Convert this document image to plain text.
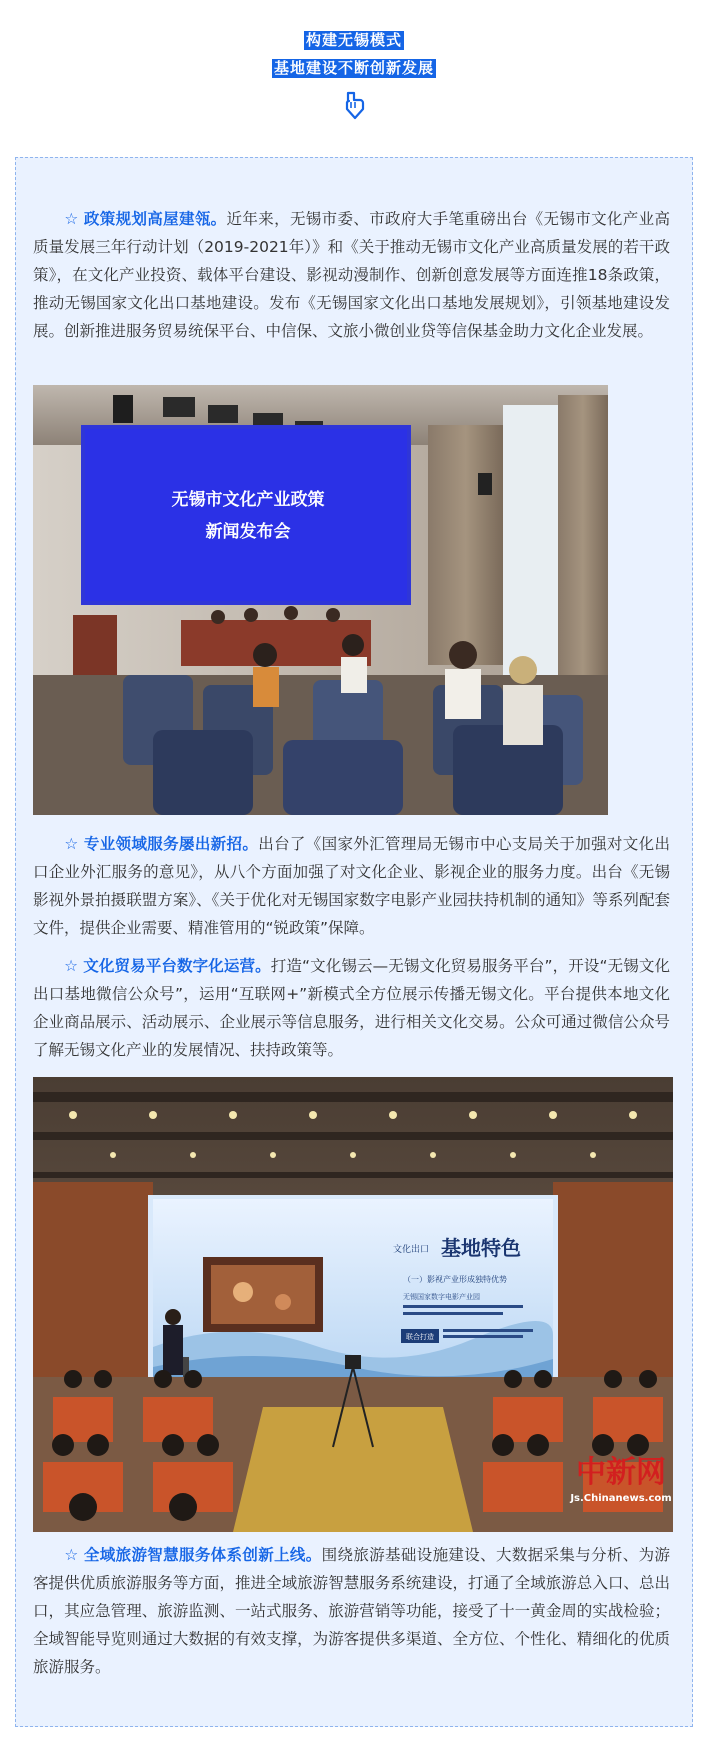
构建无锡模式
基地建设不断创新发展

☆ 政策规划高屋建瓴。近年来，无锡市委、市政府大手笔重磅出台《无锡市文化产业高质量发展三年行动计划（2019-2021年）》和《关于推动无锡市文化产业高质量发展的若干政策》，在文化产业投资、载体平台建设、影视动漫制作、创新创意发展等方面连推18条政策，推动无锡国家文化出口基地建设。发布《无锡国家文化出口基地发展规划》，引领基地建设发展。创新推进服务贸易统保平台、中信保、文旅小微创业贷等信保基金助力文化企业发展。

无锡市文化产业政策
新闻发布会

☆ 专业领域服务屡出新招。出台了《国家外汇管理局无锡市中心支局关于加强对文化出口企业外汇服务的意见》，从八个方面加强了对文化企业、影视企业的服务力度。出台《无锡影视外景拍摄联盟方案》、《关于优化对无锡国家数字电影产业园扶持机制的通知》等系列配套文件，提供企业需要、精准管用的“锐政策”保障。

☆ 文化贸易平台数字化运营。打造“文化锡云—无锡文化贸易服务平台”，开设“无锡文化出口基地微信公众号”，运用“互联网+”新模式全方位展示传播无锡文化。平台提供本地文化企业商品展示、活动展示、企业展示等信息服务，进行相关文化交易。公众可通过微信公众号了解无锡文化产业的发展情况、扶持政策等。

文化出口 基地特色
（一）影视产业形成独特优势
无锡国家数字电影产业园
联合打造
中新网
Js.Chinanews.com

☆ 全域旅游智慧服务体系创新上线。围绕旅游基础设施建设、大数据采集与分析、为游客提供优质旅游服务等方面，推进全域旅游智慧服务系统建设，打通了全域旅游总入口、总出口，其应急管理、旅游监测、一站式服务、旅游营销等功能，接受了十一黄金周的实战检验；全域智能导览则通过大数据的有效支撑，为游客提供多渠道、全方位、个性化、精细化的优质旅游服务。
